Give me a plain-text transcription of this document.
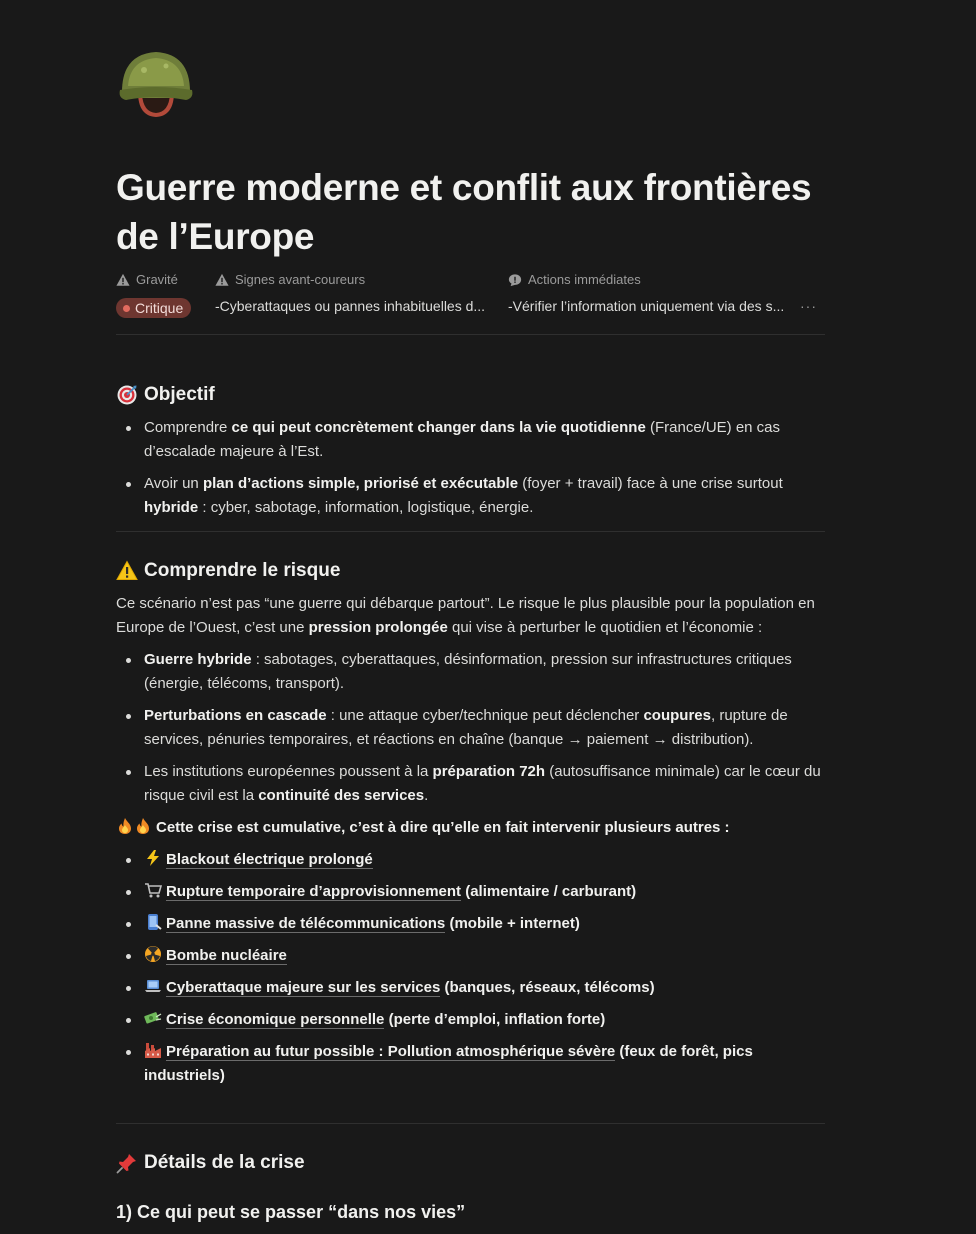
Guerre moderne et conflit aux frontières de l’Europe
Gravité
Critique
Signes avant-coureurs
-Cyberattaques ou pannes inhabituelles d...
Actions immédiates
-Vérifier l’information uniquement via des s... ···
Objectif
Comprendre ce qui peut concrètement changer dans la vie quotidienne (France/UE) en cas d’escalade majeure à l’Est.
Avoir un plan d’actions simple, priorisé et exécutable (foyer + travail) face à une crise surtout hybride : cyber, sabotage, information, logistique, énergie.
Comprendre le risque

Ce scénario n’est pas “une guerre qui débarque partout”. Le risque le plus plausible pour la population en Europe de l’Ouest, c’est une pression prolongée qui vise à perturber le quotidien et l’économie :

Guerre hybride : sabotages, cyberattaques, désinformation, pression sur infrastructures critiques (énergie, télécoms, transport).
Perturbations en cascade : une attaque cyber/technique peut déclencher coupures, rupture de services, pénuries temporaires, et réactions en chaîne (banque → paiement → distribution).
Les institutions européennes poussent à la préparation 72h (autosuffisance minimale) car le cœur du risque civil est la continuité des services.

Cette crise est cumulative, c’est à dire qu’elle en fait intervenir plusieurs autres :

Blackout électrique prolongé
Rupture temporaire d’approvisionnement (alimentaire / carburant)
Panne massive de télécommunications (mobile + internet)
Bombe nucléaire
Cyberattaque majeure sur les services (banques, réseaux, télécoms)
Crise économique personnelle (perte d’emploi, inflation forte)
Préparation au futur possible : Pollution atmosphérique sévère (feux de forêt, pics industriels)
Détails de la crise
1) Ce qui peut se passer “dans nos vies”
